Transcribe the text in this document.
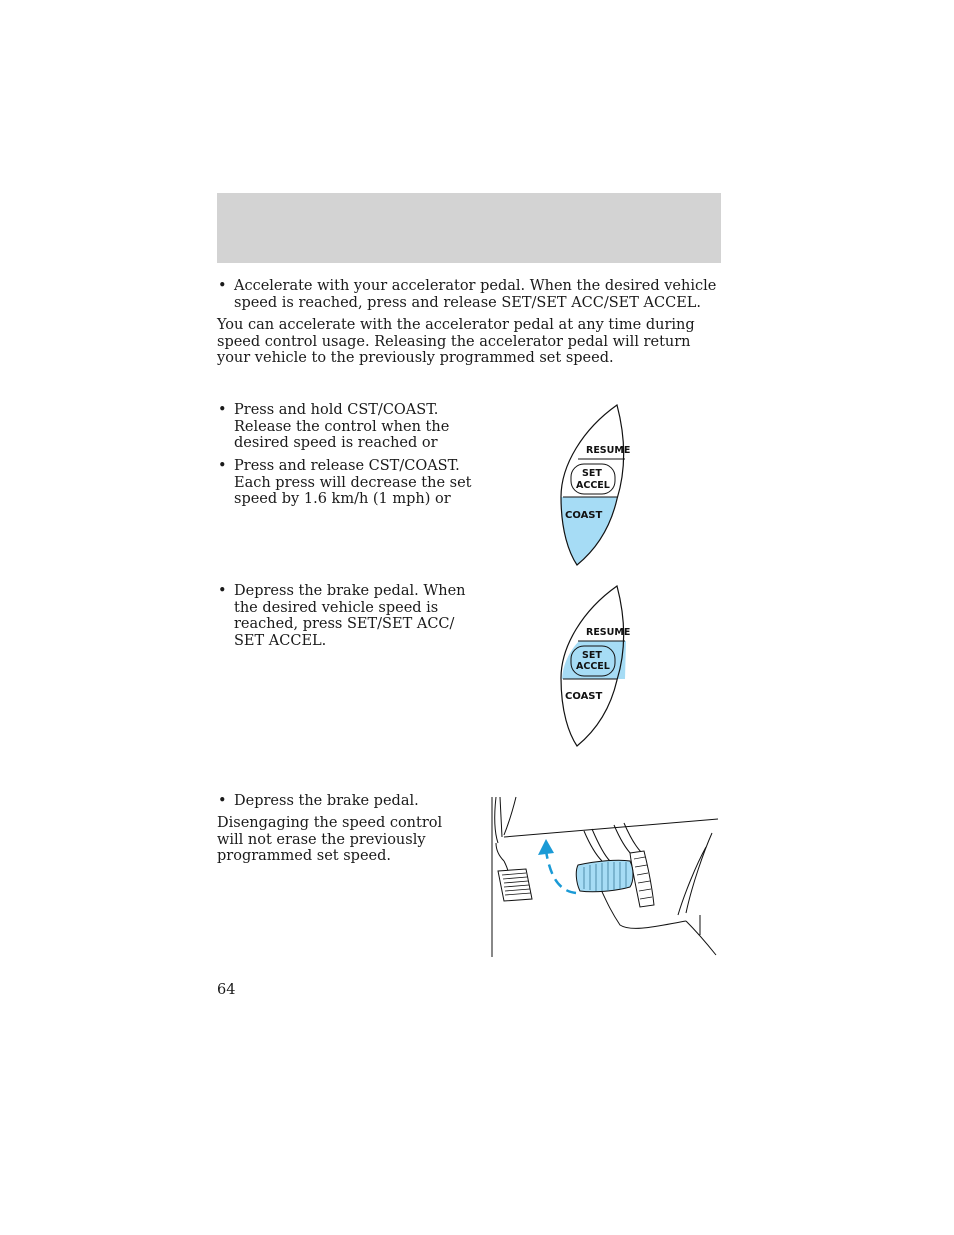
• Accelerate with your accelerator pedal. When the desired vehicle speed is reached, press and release SET/SET ACC/SET ACCEL.
You can accelerate with the accelerator pedal at any time during speed control usage. Releasing the accelerator pedal will return your vehicle to the previously programmed set speed.
• Press and hold CST/COAST. Release the control when the desired speed is reached or
• Press and release CST/COAST. Each press will decrease the set speed by 1.6 km/h (1 mph) or
RESUME
SET
ACCEL
COAST
• Depress the brake pedal. When the desired vehicle speed is reached, press SET/SET ACC/ SET ACCEL.	RESUME
SET
ACCEL
COAST
• Depress the brake pedal.
Disengaging the speed control will not erase the previously programmed set speed.
64
